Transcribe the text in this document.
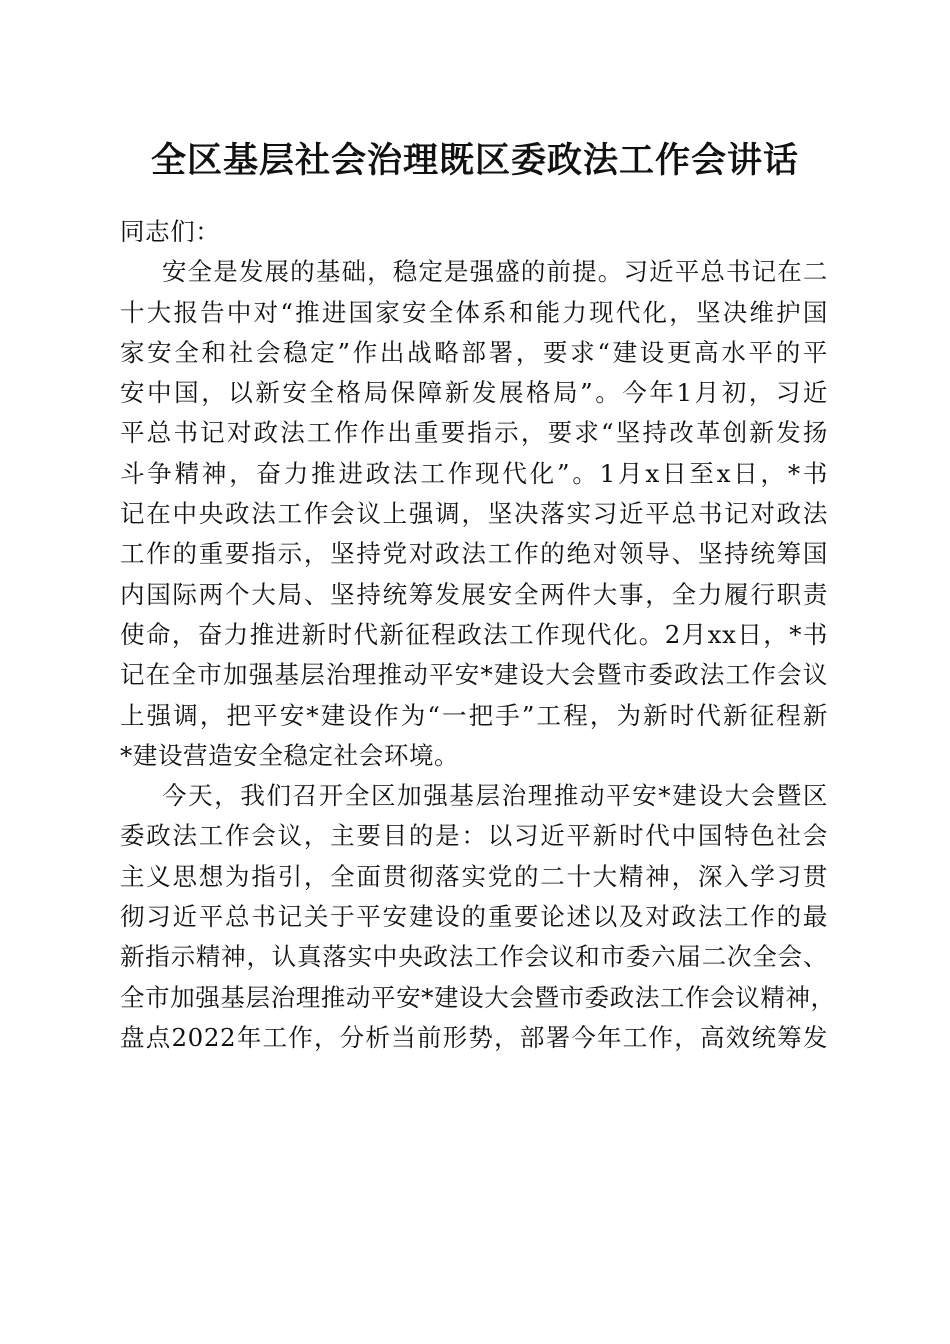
全区基层社会治理既区委政法工作会讲话
同志们：
安全是发展的基础，稳定是强盛的前提。习近平总书记在二
十大报告中对“推进国家安全体系和能力现代化，坚决维护国
家安全和社会稳定”作出战略部署，要求“建设更高水平的平
安中国，以新安全格局保障新发展格局”。今年1月初，习近
平总书记对政法工作作出重要指示，要求“坚持改革创新发扬
斗争精神，奋力推进政法工作现代化”。1月x日至x日，*书
记在中央政法工作会议上强调，坚决落实习近平总书记对政法
工作的重要指示，坚持党对政法工作的绝对领导、坚持统筹国
内国际两个大局、坚持统筹发展安全两件大事，全力履行职责
使命，奋力推进新时代新征程政法工作现代化。2月xx日，*书
记在全市加强基层治理推动平安*建设大会暨市委政法工作会议
上强调，把平安*建设作为“一把手”工程，为新时代新征程新
*建设营造安全稳定社会环境。
今天，我们召开全区加强基层治理推动平安*建设大会暨区
委政法工作会议，主要目的是：以习近平新时代中国特色社会
主义思想为指引，全面贯彻落实党的二十大精神，深入学习贯
彻习近平总书记关于平安建设的重要论述以及对政法工作的最
新指示精神，认真落实中央政法工作会议和市委六届二次全会、
全市加强基层治理推动平安*建设大会暨市委政法工作会议精神，
盘点2022年工作，分析当前形势，部署今年工作，高效统筹发
